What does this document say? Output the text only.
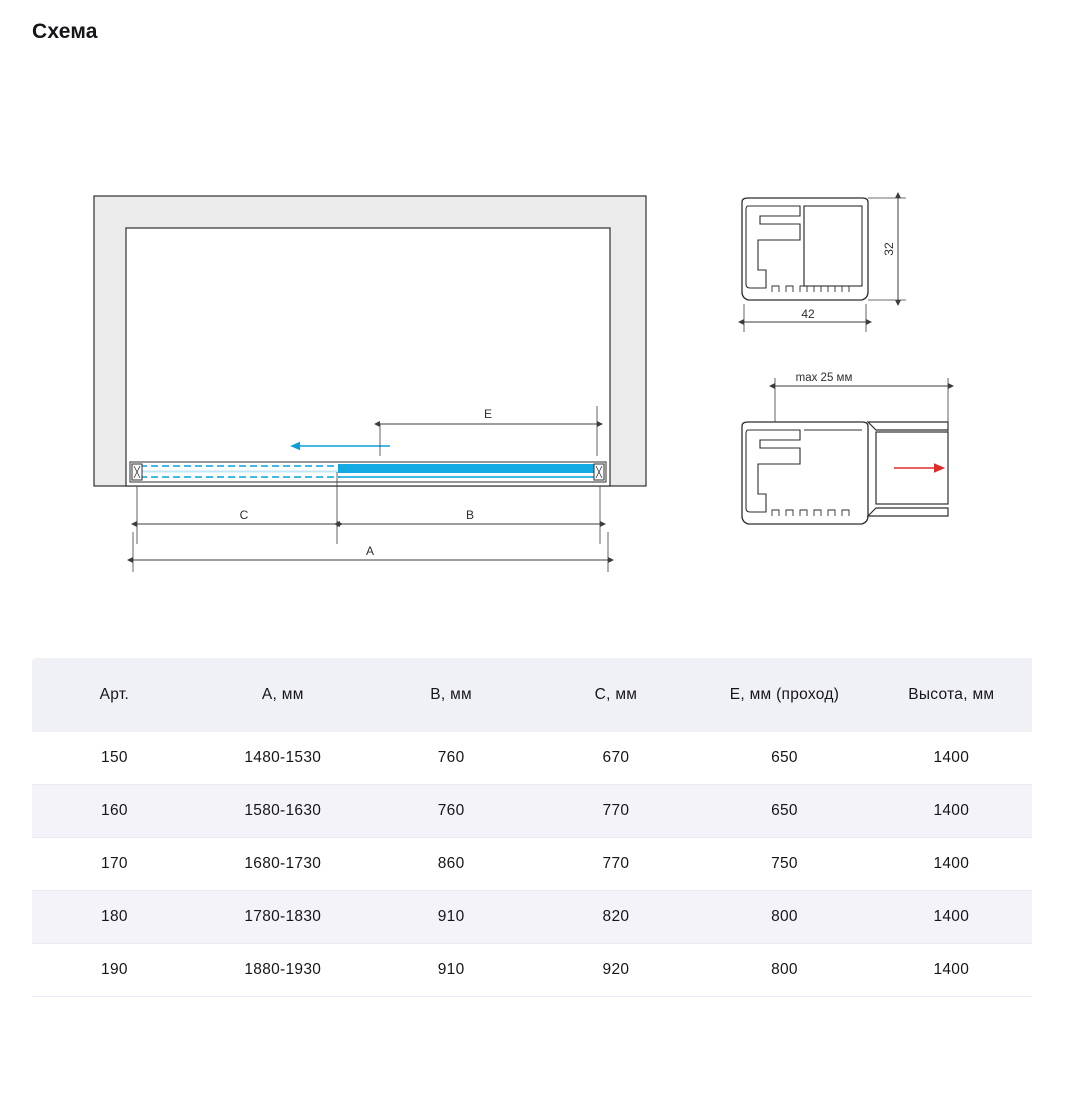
Схема
E
C	B
A
32
42
max 25 мм
Арт.	A, мм	B, мм	C, мм	E, мм (проход)	Высота, мм
150	1480-1530	760	670	650	1400
160	1580-1630	760	770	650	1400
170	1680-1730	860	770	750	1400
180	1780-1830	910	820	800	1400
190	1880-1930	910	920	800	1400
